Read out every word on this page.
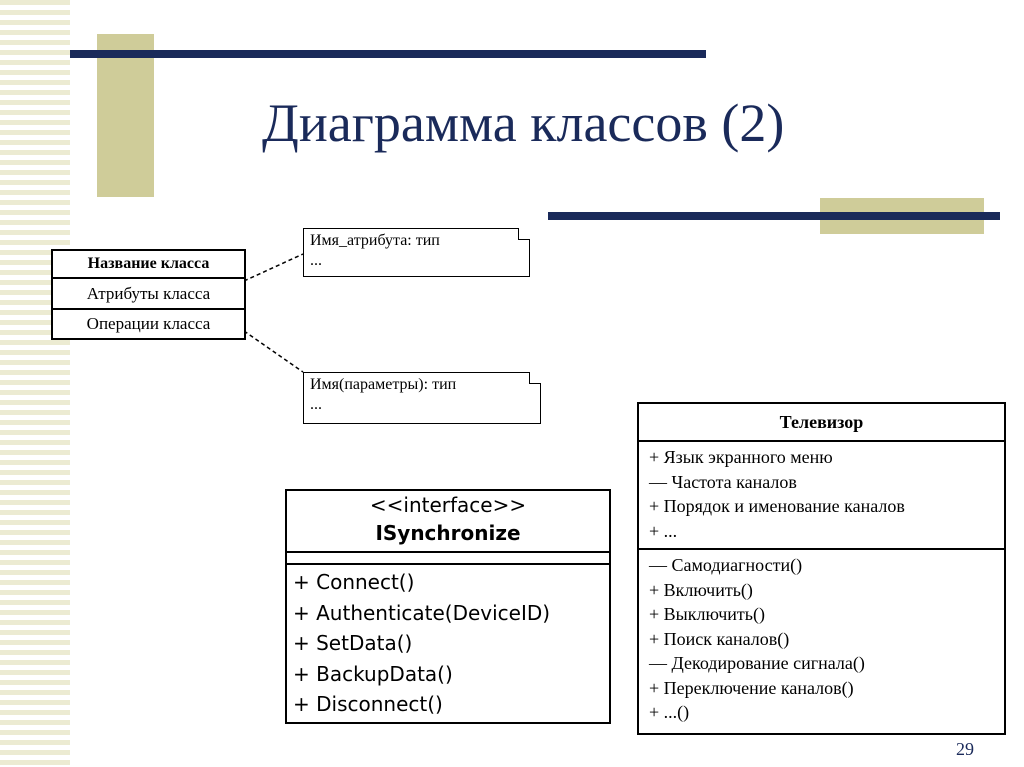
Диаграмма классов (2)
Название класса
Атрибуты класса
Операции класса
Имя_атрибута: тип
...
Имя(параметры): тип
...
<<interface>>
ISynchronize
+ Connect()
+ Authenticate(DeviceID)
+ SetData()
+ BackupData()
+ Disconnect()
Телевизор
+ Язык экранного меню
— Частота каналов
+ Порядок и именование каналов
+ ...
— Самодиагности()
+ Включить()
+ Выключить()
+ Поиск каналов()
— Декодирование сигнала()
+ Переключение каналов()
+ ...()
29
